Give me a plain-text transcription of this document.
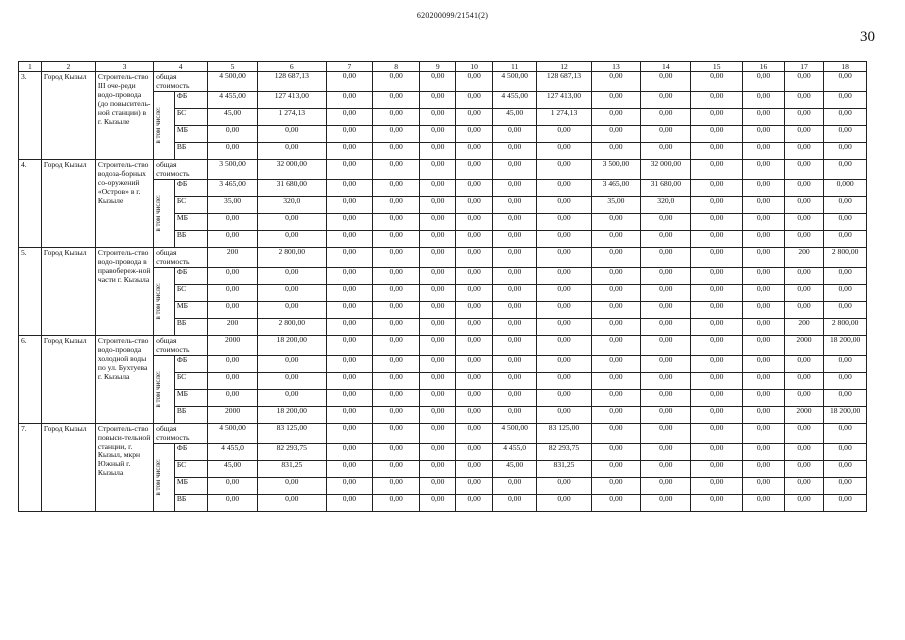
620200099/21541(2)
30
1	2	3	4		5	6	7	8	9	10	11	12	13	14	15	16	17	18
3.	Город Кызыл	Строитель-ство III оче-реди водо-провода (до повыситель-ной станции) в г. Кызыле	общая стоимость		4 500,00	128 687,13	0,00	0,00	0,00	0,00	4 500,00	128 687,13	0,00	0,00	0,00	0,00	0,00	0,00

			в том числе:	ФБ	4 455,00	127 413,00	0,00	0,00	0,00	0,00	4 455,00	127 413,00	0,00	0,00	0,00	0,00	0,00	0,00
				БС	45,00	1 274,13	0,00	0,00	0,00	0,00	45,00	1 274,13	0,00	0,00	0,00	0,00	0,00	0,00
				МБ	0,00	0,00	0,00	0,00	0,00	0,00	0,00	0,00	0,00	0,00	0,00	0,00	0,00	0,00
				ВБ	0,00	0,00	0,00	0,00	0,00	0,00	0,00	0,00	0,00	0,00	0,00	0,00	0,00	0,00
4.	Город Кызыл	Строитель-ство водоза-борных со-оружений «Остров» в г. Кызыле	общая стоимость		3 500,00	32 000,00	0,00	0,00	0,00	0,00	0,00	0,00	3 500,00	32 000,00	0,00	0,00	0,00	0,00

			в том числе:	ФБ	3 465,00	31 680,00	0,00	0,00	0,00	0,00	0,00	0,00	3 465,00	31 680,00	0,00	0,00	0,00	0,000
				БС	35,00	320,0	0,00	0,00	0,00	0,00	0,00	0,00	35,00	320,0	0,00	0,00	0,00	0,00
				МБ	0,00	0,00	0,00	0,00	0,00	0,00	0,00	0,00	0,00	0,00	0,00	0,00	0,00	0,00
				ВБ	0,00	0,00	0,00	0,00	0,00	0,00	0,00	0,00	0,00	0,00	0,00	0,00	0,00	0,00
5.	Город Кызыл	Строитель-ство водо-провода в правобереж-ной части г. Кызыла	общая стоимость		200	2 800,00	0,00	0,00	0,00	0,00	0,00	0,00	0,00	0,00	0,00	0,00	200	2 800,00

			в том числе:	ФБ	0,00	0,00	0,00	0,00	0,00	0,00	0,00	0,00	0,00	0,00	0,00	0,00	0,00	0,00
				БС	0,00	0,00	0,00	0,00	0,00	0,00	0,00	0,00	0,00	0,00	0,00	0,00	0,00	0,00
				МБ	0,00	0,00	0,00	0,00	0,00	0,00	0,00	0,00	0,00	0,00	0,00	0,00	0,00	0,00
				ВБ	200	2 800,00	0,00	0,00	0,00	0,00	0,00	0,00	0,00	0,00	0,00	0,00	200	2 800,00
6.	Город Кызыл	Строитель-ство водо-провода холодной воды по ул. Бухтуева г. Кызыла	общая стоимость		2000	18 200,00	0,00	0,00	0,00	0,00	0,00	0,00	0,00	0,00	0,00	0,00	2000	18 200,00

			в том числе:	ФБ	0,00	0,00	0,00	0,00	0,00	0,00	0,00	0,00	0,00	0,00	0,00	0,00	0,00	0,00
				БС	0,00	0,00	0,00	0,00	0,00	0,00	0,00	0,00	0,00	0,00	0,00	0,00	0,00	0,00
				МБ	0,00	0,00	0,00	0,00	0,00	0,00	0,00	0,00	0,00	0,00	0,00	0,00	0,00	0,00
				ВБ	2000	18 200,00	0,00	0,00	0,00	0,00	0,00	0,00	0,00	0,00	0,00	0,00	2000	18 200,00
7.	Город Кызыл	Строитель-ство повыси-тельной станции, г. Кызыл, мкрн Южный г. Кызыла	общая стоимость		4 500,00	83 125,00	0,00	0,00	0,00	0,00	4 500,00	83 125,00	0,00	0,00	0,00	0,00	0,00	0,00

			в том числе:	ФБ	4 455,0	82 293,75	0,00	0,00	0,00	0,00	4 455,0	82 293,75	0,00	0,00	0,00	0,00	0,00	0,00
				БС	45,00	831,25	0,00	0,00	0,00	0,00	45,00	831,25	0,00	0,00	0,00	0,00	0,00	0,00
				МБ	0,00	0,00	0,00	0,00	0,00	0,00	0,00	0,00	0,00	0,00	0,00	0,00	0,00	0,00
				ВБ	0,00	0,00	0,00	0,00	0,00	0,00	0,00	0,00	0,00	0,00	0,00	0,00	0,00	0,00
